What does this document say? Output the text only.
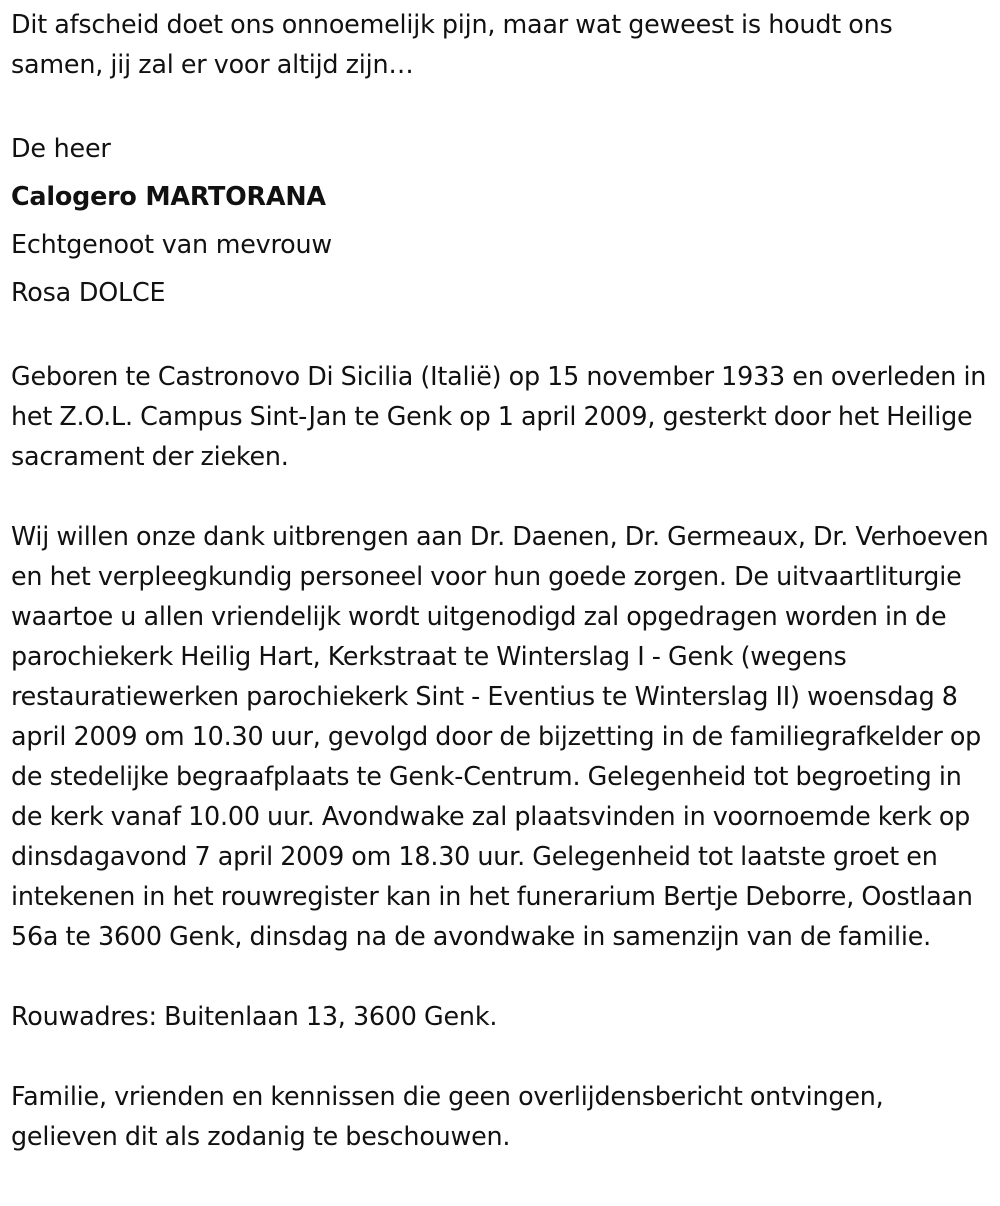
Dit afscheid doet ons onnoemelijk pijn, maar wat geweest is houdt ons samen, jij zal er voor altijd zijn…

De heer

Calogero MARTORANA

Echtgenoot van mevrouw

Rosa DOLCE

Geboren te Castronovo Di Sicilia (Italië) op 15 november 1933 en overleden in het Z.O.L. Campus Sint-Jan te Genk op 1 april 2009, gesterkt door het Heilige sacrament der zieken.

Wij willen onze dank uitbrengen aan Dr. Daenen, Dr. Germeaux, Dr. Verhoeven en het verpleegkundig personeel voor hun goede zorgen. De uitvaartliturgie waartoe u allen vriendelijk wordt uitgenodigd zal opgedragen worden in de parochiekerk Heilig Hart, Kerkstraat te Winterslag I - Genk (wegens restauratiewerken parochiekerk Sint - Eventius te Winterslag II) woensdag 8 april 2009 om 10.30 uur, gevolgd door de bijzetting in de familiegrafkelder op de stedelijke begraafplaats te Genk-Centrum. Gelegenheid tot begroeting in de kerk vanaf 10.00 uur. Avondwake zal plaatsvinden in voornoemde kerk op dinsdagavond 7 april 2009 om 18.30 uur. Gelegenheid tot laatste groet en intekenen in het rouwregister kan in het funerarium Bertje Deborre, Oostlaan 56a te 3600 Genk, dinsdag na de avondwake in samenzijn van de familie.

Rouwadres: Buitenlaan 13, 3600 Genk.

Familie, vrienden en kennissen die geen overlijdensbericht ontvingen, gelieven dit als zodanig te beschouwen.
